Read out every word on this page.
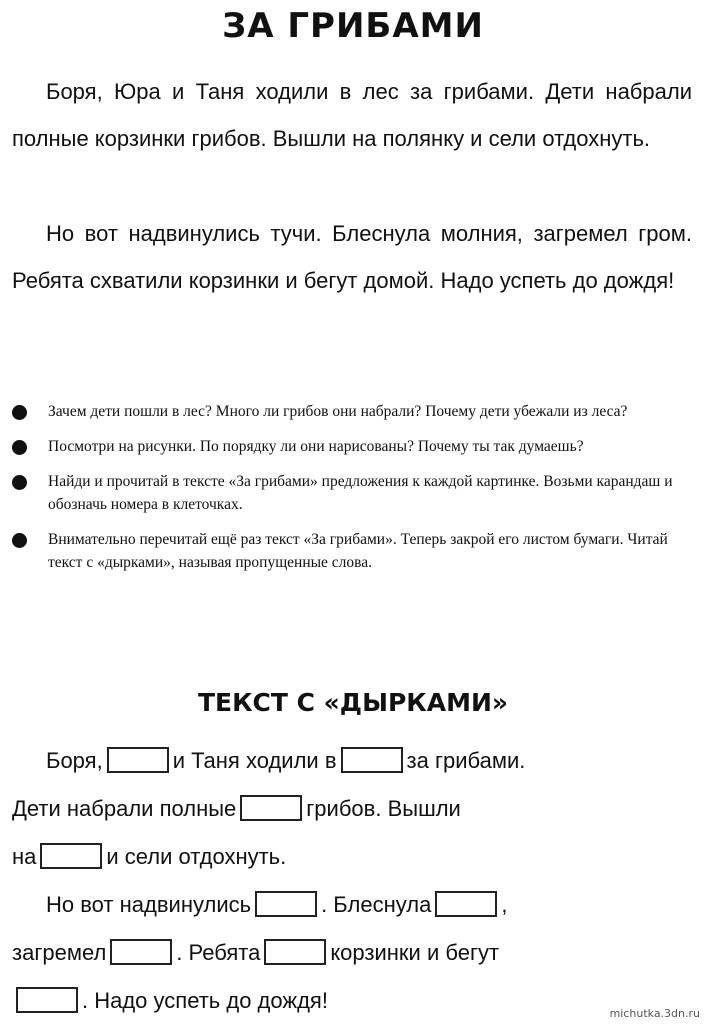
ЗА ГРИБАМИ
Боря, Юра и Таня ходили в лес за грибами. Дети набрали полные корзинки грибов. Вышли на полянку и сели отдохнуть.
Но вот надвинулись тучи. Блеснула молния, загремел гром. Ребята схватили корзинки и бегут домой. Надо успеть до дождя!
Зачем дети пошли в лес? Много ли грибов они набрали? Почему дети убежали из леса?
Посмотри на рисунки. По порядку ли они нарисованы? Почему ты так думаешь?
Найди и прочитай в тексте «За грибами» предложения к каждой картинке. Возьми карандаш и обозначь номера в клеточках.
Внимательно перечитай ещё раз текст «За грибами». Теперь закрой его листом бумаги. Читай текст с «дырками», называя пропущенные слова.
ТЕКСТ С «ДЫРКАМИ»
Боря,	и Таня ходили в	за грибами.
Дети набрали полные	грибов. Вышли
на	и сели отдохнуть.
Но вот надвинулись	. Блеснула	,
загремел	. Ребята	корзинки и бегут
. Надо успеть до дождя!
michutka.3dn.ru
